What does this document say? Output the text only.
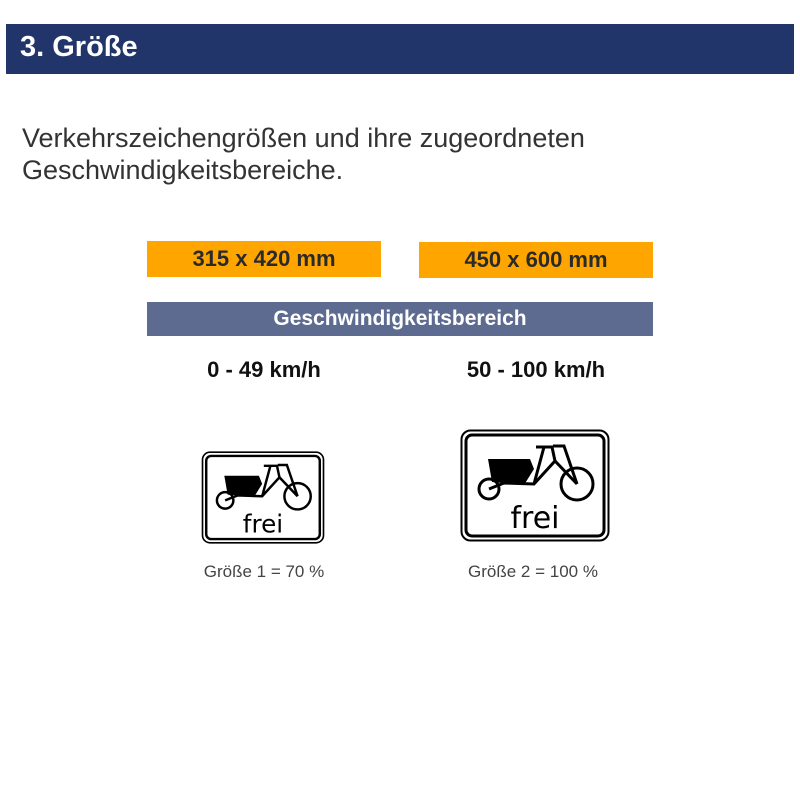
3. Größe
Verkehrszeichengrößen und ihre zugeordneten Geschwindigkeitsbereiche.
315 x 420 mm	450 x 600 mm
Geschwindigkeitsbereich
0 - 49 km/h	50 - 100 km/h
frei	frei
Größe 1 = 70 %	Größe 2 = 100 %
